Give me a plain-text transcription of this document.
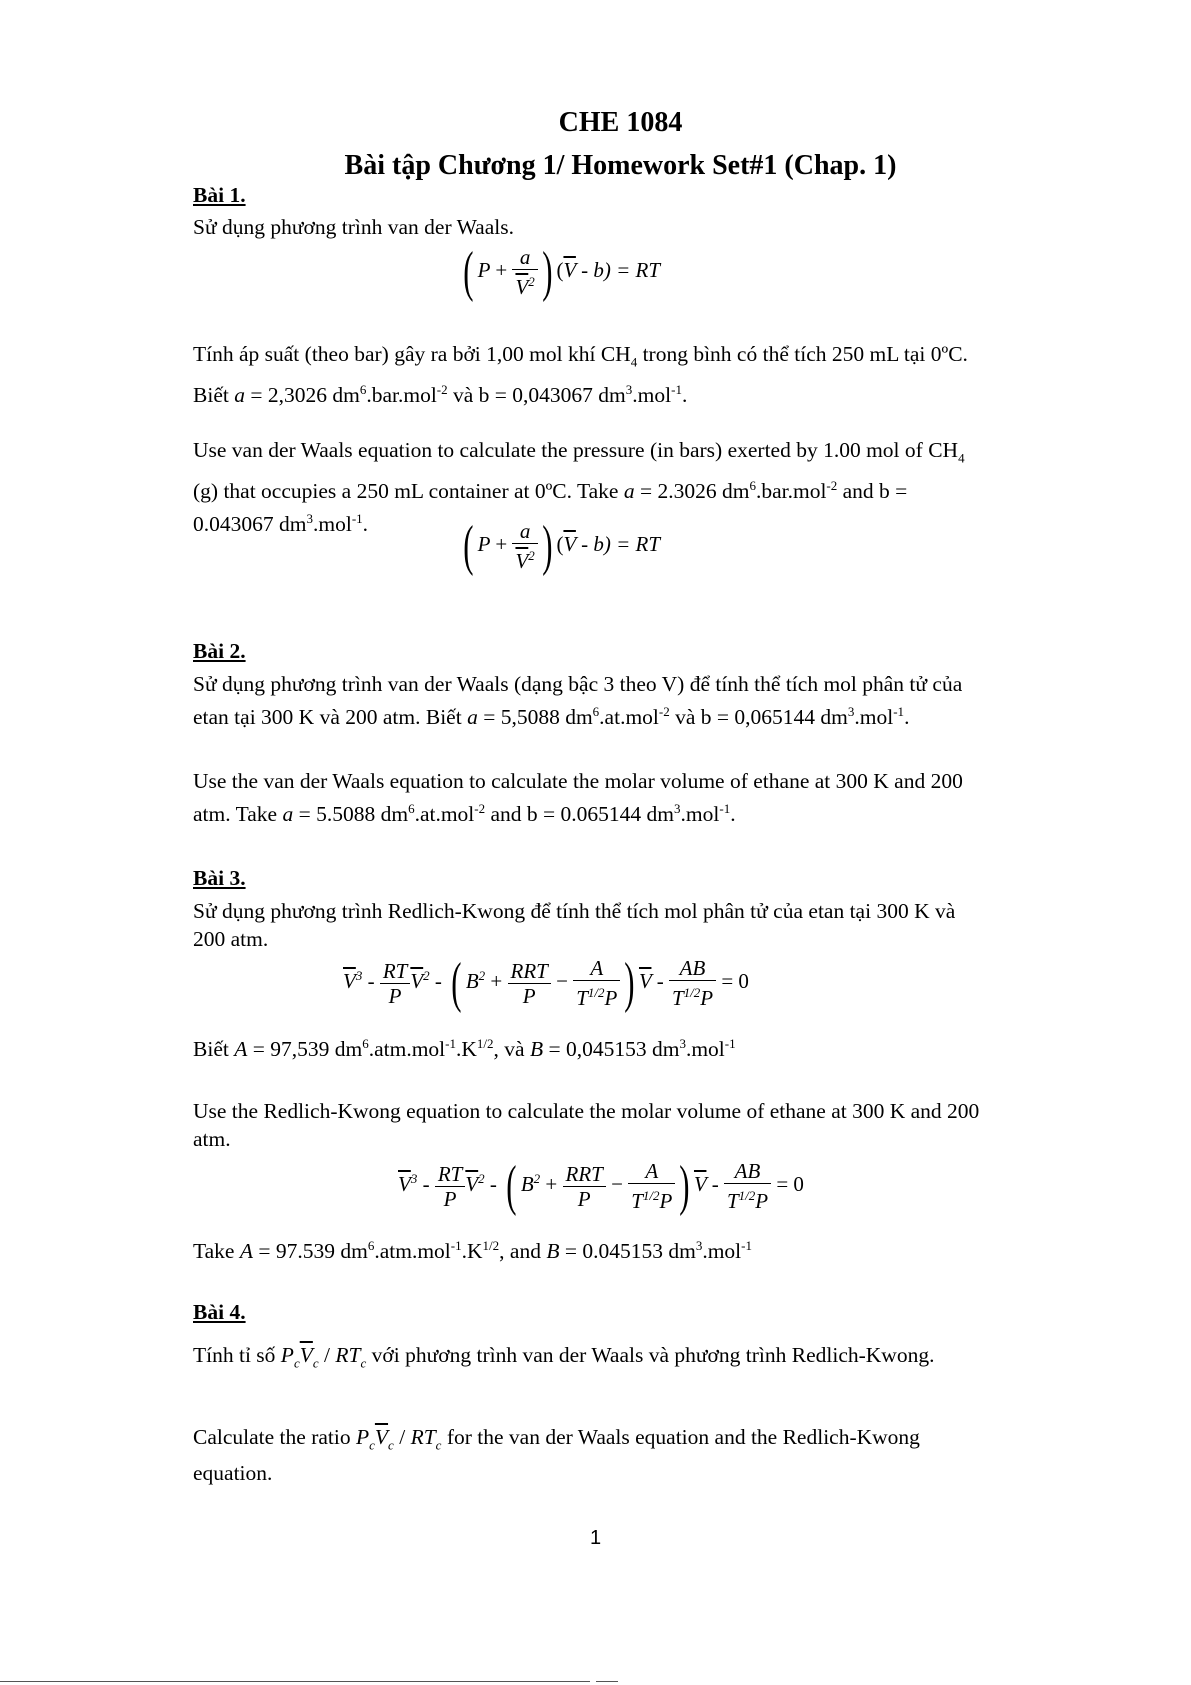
CHE 1084
Bài tập Chương 1/ Homework Set#1 (Chap. 1)
Bài 1.
Sử dụng phương trình van der Waals.
( $P + \frac{a}{\overline{V}^2}$ ) $(\overline{V} - b)$ = RT
Tính áp suất (theo bar) gây ra bởi 1,00 mol khí $CH_4$ trong bình có thể tích 250 mL tại 0ºC.
Biết a = 2,3026 $dm^6.bar.mol^{-2}$ và b = 0,043067 $dm^3.mol^{-1}$.
Use van der Waals equation to calculate the pressure (in bars) exerted by 1.00 mol of $CH_4$
(g) that occupies a 250 mL container at 0ºC. Take a = 2.3026 $dm^6.bar.mol^{-2}$ and b =
0.043067 $dm^3.mol^{-1}$.	( $P + \frac{a}{\overline{V}^2}$ ) $(\overline{V} - b)$ = RT
Bài 2.
Sử dụng phương trình van der Waals (dạng bậc 3 theo V) để tính thể tích mol phân tử của
etan tại 300 K và 200 atm. Biết a = 5,5088 $dm^6.at.mol^{-2}$ và b = 0,065144 $dm^3.mol^{-1}$.
Use the van der Waals equation to calculate the molar volume of ethane at 300 K and 200
atm. Take a = 5.5088 $dm^6.at.mol^{-2}$ and b = 0.065144 $dm^3.mol^{-1}$.
Bài 3.
Sử dụng phương trình Redlich-Kwong để tính thể tích mol phân tử của etan tại 300 K và
200 atm.
$\overline{V}^3 - \frac{RT}{P} \overline{V}^2$ - ( $B^2 + \frac{\text{RRT}}{P} - \frac{A}{T^{1/2}P}$ ) $\overline{V} - \frac{AB}{T^{1/2}P} = 0$
Biết A = 97,539 $dm^6.atm.mol^{-1}.K^{1/2}$, và B = 0,045153 $dm^3.mol^{-1}$
Use the Redlich-Kwong equation to calculate the molar volume of ethane at 300 K and 200
atm.
$\overline{V}^3 - \frac{RT}{P} \overline{V}^2$ - ( $B^2 + \frac{\text{RRT}}{P} - \frac{A}{T^{1/2}P}$ ) $\overline{V} - \frac{AB}{T^{1/2}P} = 0$
Take A = 97.539 $dm^6.atm.mol^{-1}.K^{1/2}$, and B = 0.045153 $dm^3.mol^{-1}$
Bài 4.
Tính tỉ số $P_c\overline{V}_c / RT_c$ với phương trình van der Waals và phương trình Redlich-Kwong.
Calculate the ratio $P_c\overline{V}_c / RT_c$ for the van der Waals equation and the Redlich-Kwong
equation.
1
